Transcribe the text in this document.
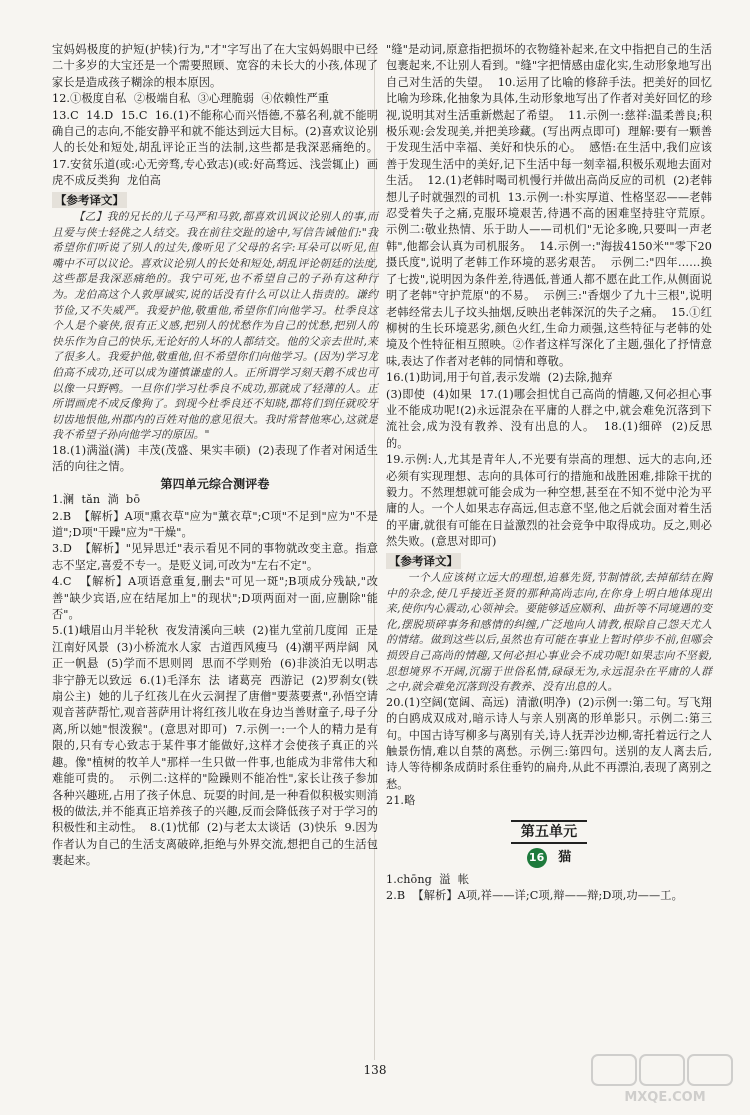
宝妈妈极度的护短(护犊)行为,"才"字写出了在大宝妈妈眼中已经二十多岁的大宝还是一个需要照顾、宽容的未长大的小孩,体现了家长是造成孩子糊涂的根本原因。

12.①极度自私  ②极端自私  ③心理脆弱  ④依赖性严重

13.C  14.D  15.C  16.(1)不能称心而兴悟德,不慕名利,就不能明确自己的志向,不能安静平和就不能达到远大目标。(2)喜欢议论别人的长处和短处,胡乱评论正当的法制,这些都是我深恶痛绝的。  17.安贫乐道(或:心无旁骛,专心致志)(或:好高骛远、浅尝辄止)  画虎不成反类狗  龙伯高

【参考译文】

【乙】我的兄长的儿子马严和马敦,都喜欢讥讽议论别人的事,而且爱与侠士轻佻之人结交。我在前往交趾的途中,写信告诫他们:"我希望你们听说了别人的过失,像听见了父母的名字:耳朵可以听见,但嘴中不可以议论。喜欢议论别人的长处和短处,胡乱评论朝廷的法度,这些都是我深恶痛绝的。我宁可死,也不希望自己的子孙有这种行为。龙伯高这个人敦厚诚实,说的话没有什么可以让人指责的。谦约节俭,又不失威严。我爱护他,敬重他,希望你们向他学习。杜季良这个人是个豪侠,很有正义感,把别人的忧愁作为自己的忧愁,把别人的快乐作为自己的快乐,无论好的人坏的人都结交。他的父亲去世时,来了很多人。我爱护他,敬重他,但不希望你们向他学习。(因为)学习龙伯高不成功,还可以成为谨慎谦虚的人。正所谓学习刻天鹅不成也可以像一只野鸭。一旦你们学习杜季良不成功,那就成了轻薄的人。正所谓画虎不成反像狗了。到现今杜季良还不知晓,郡将们到任就咬牙切齿地恨他,州郡内的百姓对他的意见很大。我时常替他寒心,这就是我不希望子孙向他学习的原因。"

18.(1)满溢(满)  丰茂(茂盛、果实丰硕)  (2)表现了作者对闲适生活的向往之情。

第四单元综合测评卷

1.澜  tǎn  淌  bō

2.B  【解析】A项"熏衣草"应为"薰衣草";C项"不足到"应为"不是道";D项"干躁"应为"干燥"。

3.D  【解析】"见异思迁"表示看见不同的事物就改变主意。指意志不坚定,喜爱不专一。是贬义词,可改为"左右不定"。

4.C  【解析】A项语意重复,删去"可见一斑";B项成分残缺,"改善"缺少宾语,应在结尾加上"的现状";D项两面对一面,应删除"能否"。

5.(1)峨眉山月半轮秋  夜发清溪向三峡  (2)崔九堂前几度闻  正是江南好风景  (3)小桥流水人家  古道西风瘦马  (4)潮平两岸阔  风正一帆悬  (5)学而不思则罔  思而不学则殆  (6)非淡泊无以明志  非宁静无以致远  6.(1)毛泽东  法  诸葛亮  西游记  (2)罗刹女(铁扇公主)  她的儿子红孩儿在火云洞捏了唐僧"要蒸要煮",孙悟空请观音菩萨帮忙,观音菩萨用计将红孩儿收在身边当善财童子,母子分离,所以她"恨泼猴"。(意思对即可)  7.示例一:一个人的精力是有限的,只有专心致志于某件事才能做好,这样才会使孩子真正的兴趣。像"植树的牧羊人"那样一生只做一件事,也能成为非常伟大和难能可贵的。  示例二:这样的"险躁则不能冶性",家长让孩子参加各种兴趣班,占用了孩子休息、玩耍的时间,是一种看似积极实则消极的做法,并不能真正培养孩子的兴趣,反而会降低孩子对于学习的积极性和主动性。  8.(1)忧郁  (2)与老太太谈话  (3)快乐  9.因为作者认为自己的生活支离破碎,拒绝与外界交流,想把自己的生活包裹起来。

"缝"是动词,原意指把损坏的衣物缝补起来,在文中指把自己的生活包裹起来,不让别人看到。"缝"字把情感由虚化实,生动形象地写出自己对生活的失望。  10.运用了比喻的修辞手法。把美好的回忆比喻为珍珠,化抽象为具体,生动形象地写出了作者对美好回忆的珍视,说明其对生活重新燃起了希望。  11.示例一:慈祥:温柔善良;积极乐观:会发现美,并把美珍藏。(写出两点即可)  理解:要有一颗善于发现生活中幸福、美好和快乐的心。  感悟:在生活中,我们应该善于发现生活中的美好,记下生活中每一刻幸福,积极乐观地去面对生活。  12.(1)老韩时喝司机慢行并做出高尚反应的司机  (2)老韩想儿子时就强烈的司机  13.示例一:朴实厚道、性格坚忍——老韩忍受着失子之痛,克服环境艰苦,待遇不高的困难坚持驻守荒原。  示例二:敬业热情、乐于助人——司机们"无论多晚,只要叫一声老韩",他都会认真为司机服务。  14.示例一:"海拔4150米""零下20摄氏度",说明了老韩工作环境的恶劣艰苦。  示例二:"四年……换了七拨",说明因为条件差,待遇低,普通人都不愿在此工作,从侧面说明了老韩"守护荒原"的不易。  示例三:"香烟少了九十三根",说明老韩经常去儿子坟头抽烟,反映出老韩深沉的失子之痛。  15.①红柳树的生长环境恶劣,颜色火红,生命力顽强,这些特征与老韩的处境及个性特征相互照映。②作者这样写深化了主题,强化了抒情意味,表达了作者对老韩的同情和尊敬。

16.(1)助词,用于句首,表示发端  (2)去除,抛弃

(3)即使  (4)如果  17.(1)哪会担忧自己高尚的情趣,又何必担心事业不能成功呢!(2)永远混杂在平庸的人群之中,就会难免沉落到下流社会,成为没有教养、没有出息的人。  18.(1)细碎  (2)反思的。

19.示例:人,尤其是青年人,不光要有崇高的理想、远大的志向,还必须有实现理想、志向的具体可行的措施和战胜困难,排除干扰的毅力。不然理想就可能会成为一种空想,甚至在不知不觉中沦为平庸的人。一个人如果志存高远,但志意不坚,他之后就会面对着生活的平庸,就很有可能在日益激烈的社会竞争中取得成功。反之,则必然失败。(意思对即可)

【参考译文】

一个人应该树立远大的理想,追慕先贤,节制情欲,去掉郁结在胸中的杂念,使几乎接近圣贤的那种高尚志向,在你身上明白地体现出来,使你内心震动,心领神会。要能够适应顺利、曲折等不同境遇的变化,摆脱琐碎事务和感情的纠缠,广泛地向人请教,根除自己怨天尤人的情绪。做到这些以后,虽然也有可能在事业上暂时停步不前,但哪会损毁自己高尚的情趣,又何必担心事业会不成功呢!如果志向不坚毅,思想境界不开阔,沉溺于世俗私情,碌碌无为,永远混杂在平庸的人群之中,就会难免沉落到没有教养、没有出息的人。

20.(1)空阔(宽阔、高远)  清澈(明净)  (2)示例一:第二句。写飞翔的白鸥成双成对,暗示诗人与亲人别离的形单影只。示例二:第三句。中国古诗写柳多与离别有关,诗人抚弄沙边柳,寄托着远行之人触景伤情,难以自禁的离愁。示例三:第四句。送别的友人离去后,诗人等待柳条成荫时系住垂钓的扁舟,从此不再漂泊,表现了离别之愁。

21.略

第五单元
16 猫

1.chōng  溢  帐

2.B  【解析】A项,祥——详;C项,辩——辩;D项,功——工。

138
MXQE.COM
